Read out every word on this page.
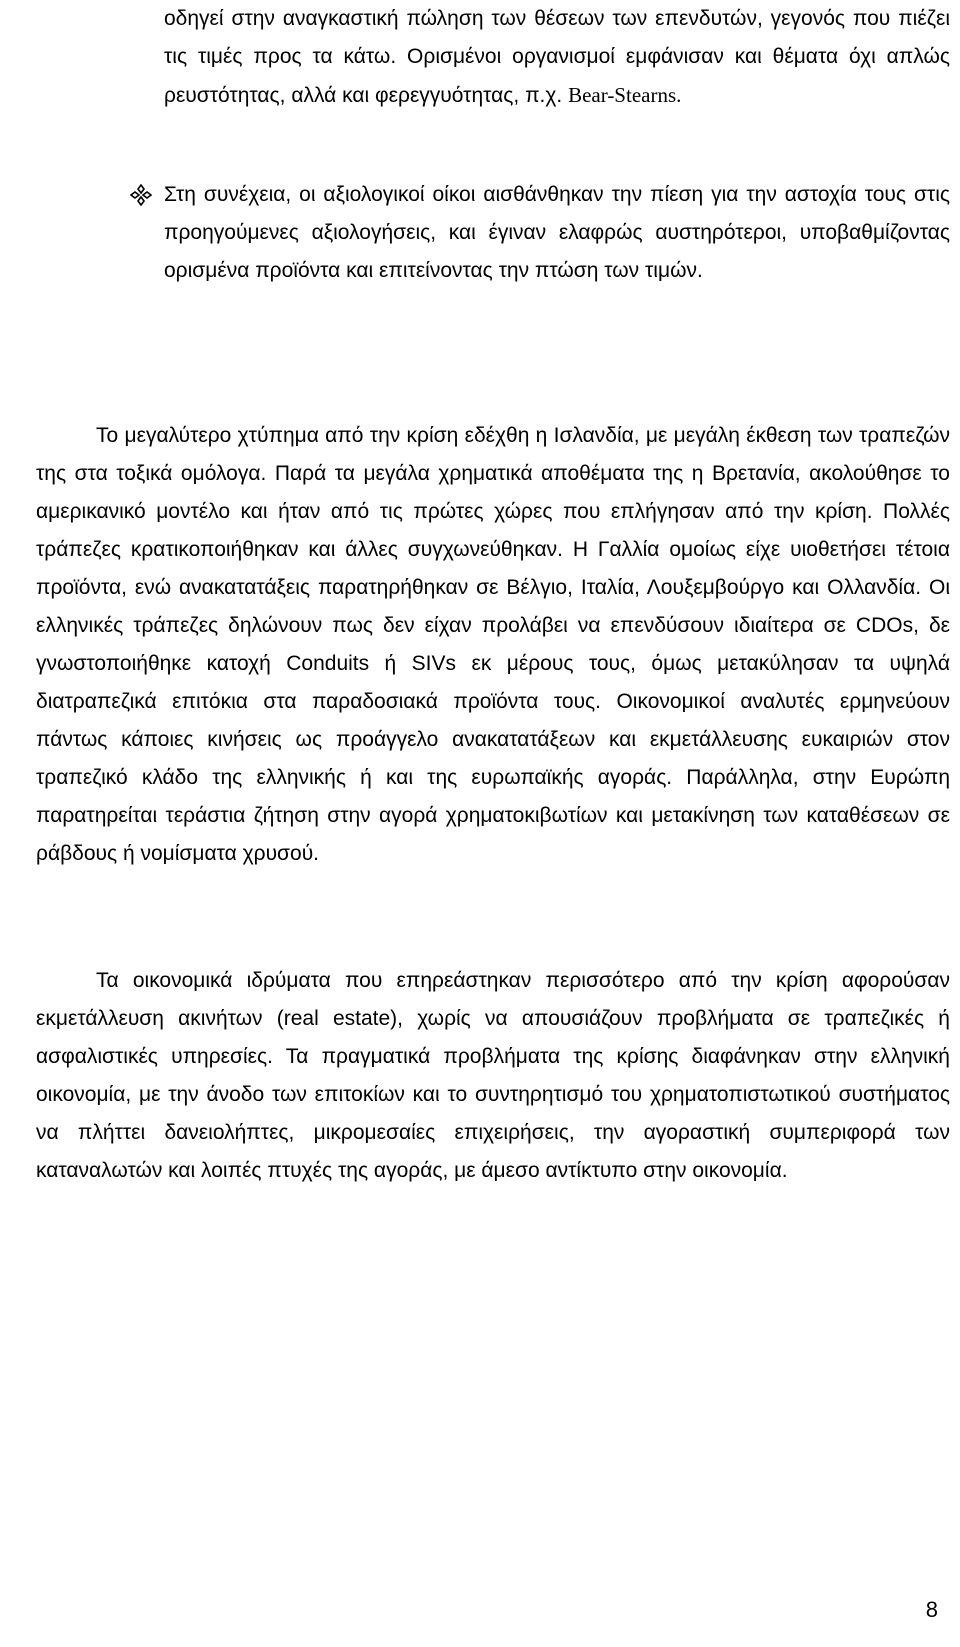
οδηγεί στην αναγκαστική πώληση των θέσεων των επενδυτών, γεγονός που πιέζει τις τιμές προς τα κάτω. Ορισμένοι οργανισμοί εμφάνισαν και θέματα όχι απλώς ρευστότητας, αλλά και φερεγγυότητας, π.χ. Bear-Stearns.

Στη συνέχεια, οι αξιολογικοί οίκοι αισθάνθηκαν την πίεση για την αστοχία τους στις προηγούμενες αξιολογήσεις, και έγιναν ελαφρώς αυστηρότεροι, υποβαθμίζοντας ορισμένα προϊόντα και επιτείνοντας την πτώση των τιμών.

Το μεγαλύτερο χτύπημα από την κρίση εδέχθη η Ισλανδία, με μεγάλη έκθεση των τραπεζών της στα τοξικά ομόλογα. Παρά τα μεγάλα χρηματικά αποθέματα της η Βρετανία, ακολούθησε το αμερικανικό μοντέλο και ήταν από τις πρώτες χώρες που επλήγησαν από την κρίση. Πολλές τράπεζες κρατικοποιήθηκαν και άλλες συγχωνεύθηκαν. Η Γαλλία ομοίως είχε υιοθετήσει τέτοια προϊόντα, ενώ ανακατατάξεις παρατηρήθηκαν σε Βέλγιο, Ιταλία, Λουξεμβούργο και Ολλανδία. Οι ελληνικές τράπεζες δηλώνουν πως δεν είχαν προλάβει να επενδύσουν ιδιαίτερα σε CDOs, δε γνωστοποιήθηκε κατοχή Conduits ή SIVs εκ μέρους τους, όμως μετακύλησαν τα υψηλά διατραπεζικά επιτόκια στα παραδοσιακά προϊόντα τους. Οικονομικοί αναλυτές ερμηνεύουν πάντως κάποιες κινήσεις ως προάγγελο ανακατατάξεων και εκμετάλλευσης ευκαιριών στον τραπεζικό κλάδο της ελληνικής ή και της ευρωπαϊκής αγοράς. Παράλληλα, στην Ευρώπη παρατηρείται τεράστια ζήτηση στην αγορά χρηματοκιβωτίων και μετακίνηση των καταθέσεων σε ράβδους ή νομίσματα χρυσού.

Τα οικονομικά ιδρύματα που επηρεάστηκαν περισσότερο από την κρίση αφορούσαν εκμετάλλευση ακινήτων (real estate), χωρίς να απουσιάζουν προβλήματα σε τραπεζικές ή ασφαλιστικές υπηρεσίες. Τα πραγματικά προβλήματα της κρίσης διαφάνηκαν στην ελληνική οικονομία, με την άνοδο των επιτοκίων και το συντηρητισμό του χρηματοπιστωτικού συστήματος να πλήττει δανειολήπτες, μικρομεσαίες επιχειρήσεις, την αγοραστική συμπεριφορά των καταναλωτών και λοιπές πτυχές της αγοράς, με άμεσο αντίκτυπο στην οικονομία.

8
